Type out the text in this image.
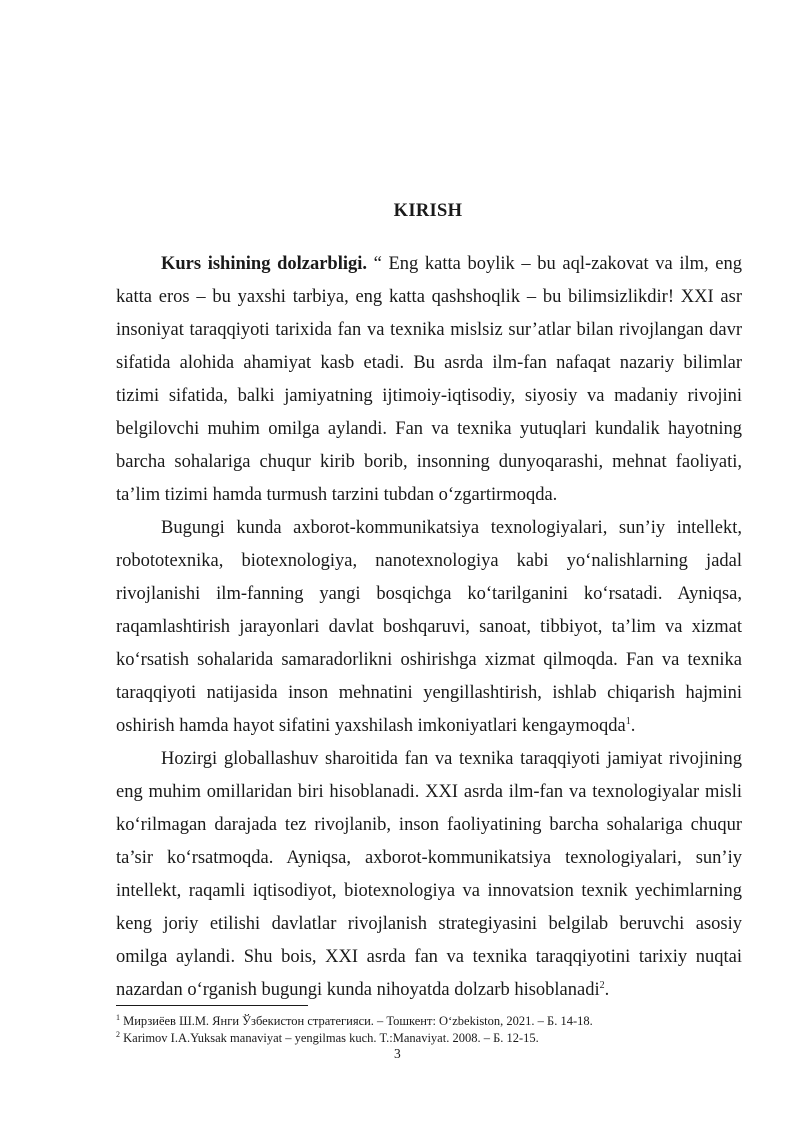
KIRISH

Kurs ishining dolzarbligi. “ Eng katta boylik – bu aql-zakovat va ilm, eng katta eros – bu yaxshi tarbiya, eng katta qashshoqlik – bu bilimsizlikdir! XXI asr insoniyat taraqqiyoti tarixida fan va texnika mislsiz sur’atlar bilan rivojlangan davr sifatida alohida ahamiyat kasb etadi. Bu asrda ilm-fan nafaqat nazariy bilimlar tizimi sifatida, balki jamiyatning ijtimoiy-iqtisodiy, siyosiy va madaniy rivojini belgilovchi muhim omilga aylandi. Fan va texnika yutuqlari kundalik hayotning barcha sohalariga chuqur kirib borib, insonning dunyoqarashi, mehnat faoliyati, ta’lim tizimi hamda turmush tarzini tubdan o‘zgartirmoqda.

Bugungi kunda axborot-kommunikatsiya texnologiyalari, sun’iy intellekt, robototexnika, biotexnologiya, nanotexnologiya kabi yo‘nalishlarning jadal rivojlanishi ilm-fanning yangi bosqichga ko‘tarilganini ko‘rsatadi. Ayniqsa, raqamlashtirish jarayonlari davlat boshqaruvi, sanoat, tibbiyot, ta’lim va xizmat ko‘rsatish sohalarida samaradorlikni oshirishga xizmat qilmoqda. Fan va texnika taraqqiyoti natijasida inson mehnatini yengillashtirish, ishlab chiqarish hajmini oshirish hamda hayot sifatini yaxshilash imkoniyatlari kengaymoqda$^1$.

Hozirgi globallashuv sharoitida fan va texnika taraqqiyoti jamiyat rivojining eng muhim omillaridan biri hisoblanadi. XXI asrda ilm-fan va texnologiyalar misli ko‘rilmagan darajada tez rivojlanib, inson faoliyatining barcha sohalariga chuqur ta’sir ko‘rsatmoqda. Ayniqsa, axborot-kommunikatsiya texnologiyalari, sun’iy intellekt, raqamli iqtisodiyot, biotexnologiya va innovatsion texnik yechimlarning keng joriy etilishi davlatlar rivojlanish strategiyasini belgilab beruvchi asosiy omilga aylandi. Shu bois, XXI asrda fan va texnika taraqqiyotini tarixiy nuqtai nazardan o‘rganish bugungi kunda nihoyatda dolzarb hisoblanadi$^2$.

$^1$ Мирзиёев Ш.М. Янги Ўзбекистон стратегияси. – Тошкент: O‘zbekiston, 2021. – Б. 14-18.

$^2$ Karimov I.A.Yuksak manaviyat – yengilmas kuch. T.:Manaviyat. 2008. – Б. 12-15.

3
